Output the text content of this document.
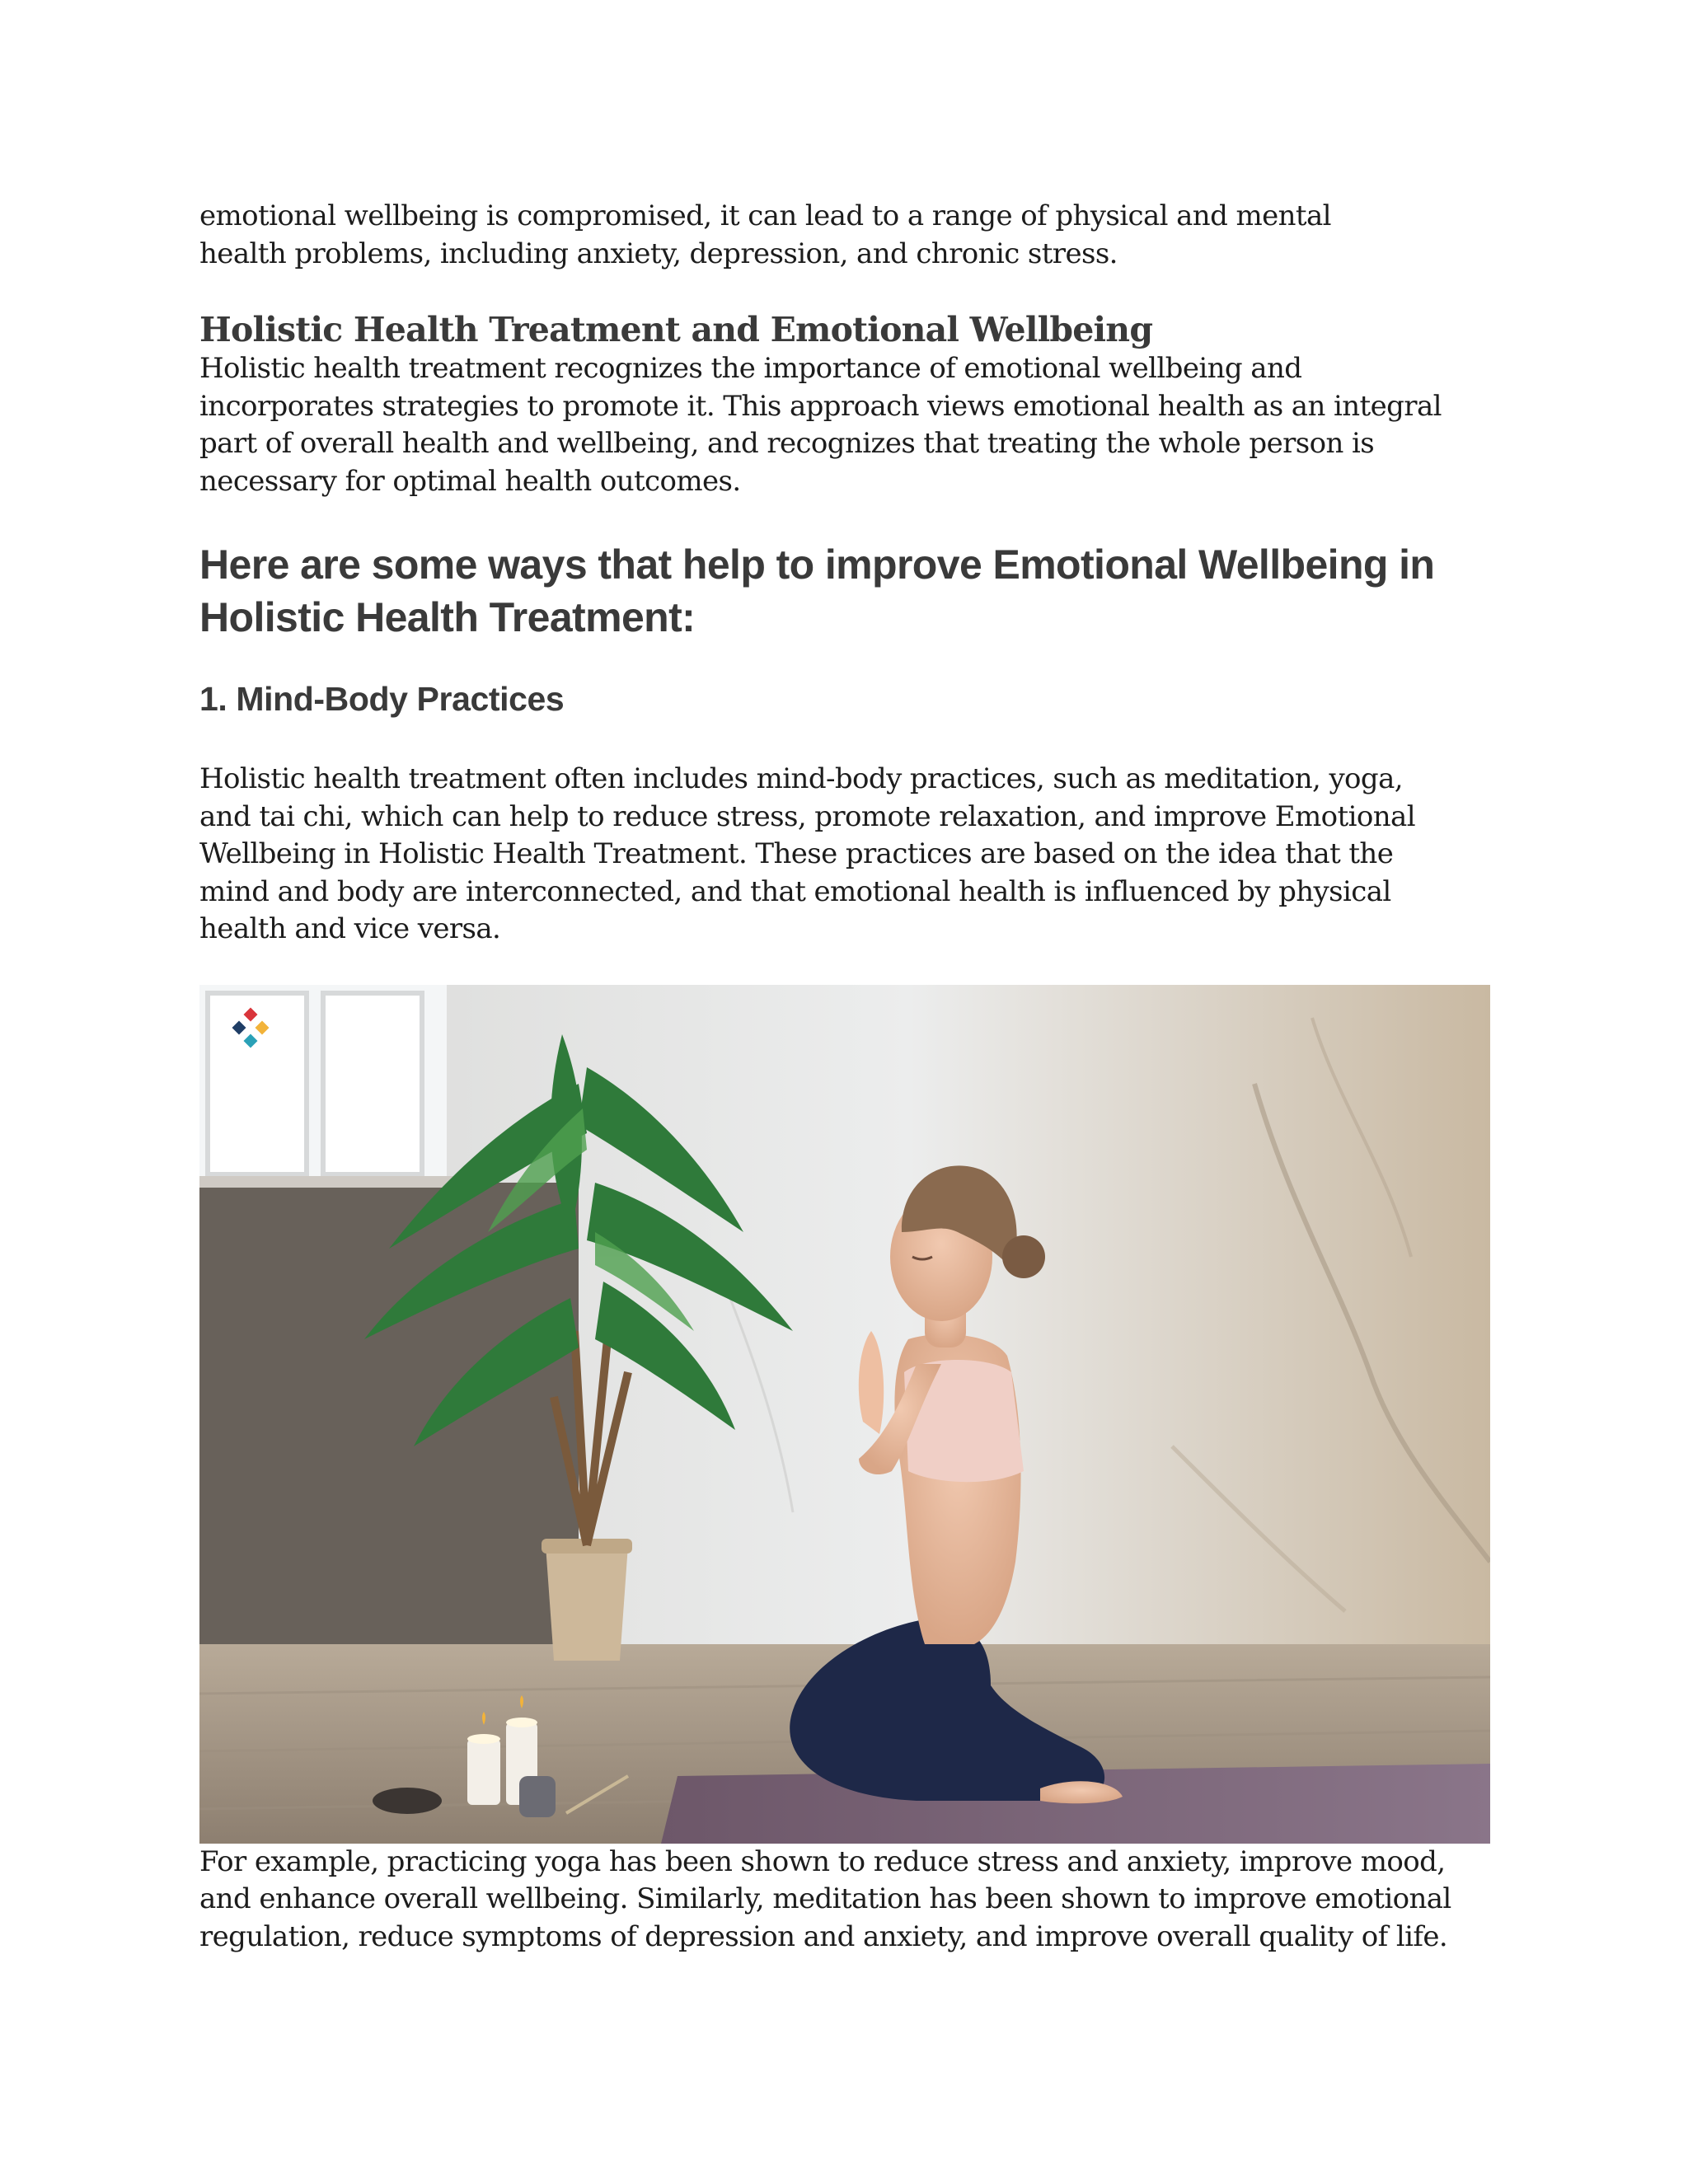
emotional wellbeing is compromised, it can lead to a range of physical and mental health problems, including anxiety, depression, and chronic stress.

Holistic Health Treatment and Emotional Wellbeing

Holistic health treatment recognizes the importance of emotional wellbeing and incorporates strategies to promote it. This approach views emotional health as an integral part of overall health and wellbeing, and recognizes that treating the whole person is necessary for optimal health outcomes.

Here are some ways that help to improve Emotional Wellbeing in Holistic Health Treatment:
1. Mind-Body Practices

Holistic health treatment often includes mind-body practices, such as meditation, yoga, and tai chi, which can help to reduce stress, promote relaxation, and improve Emotional Wellbeing in Holistic Health Treatment. These practices are based on the idea that the mind and body are interconnected, and that emotional health is influenced by physical health and vice versa.

For example, practicing yoga has been shown to reduce stress and anxiety, improve mood, and enhance overall wellbeing. Similarly, meditation has been shown to improve emotional regulation, reduce symptoms of depression and anxiety, and improve overall quality of life.
